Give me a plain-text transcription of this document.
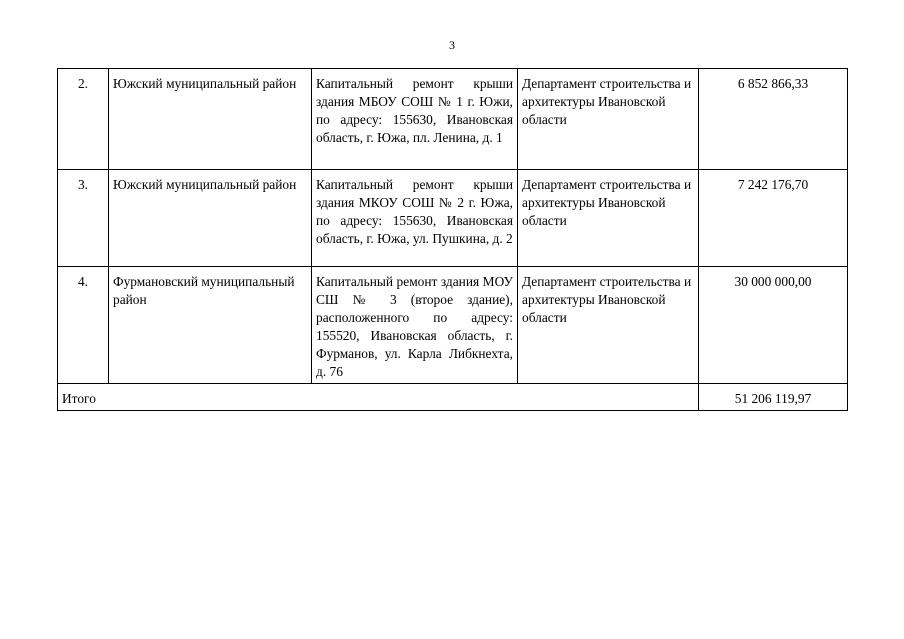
3
2.	Южский муниципальный район	Капитальный ремонт крыши здания МБОУ СОШ № 1 г. Южи, по адресу: 155630, Ивановская область, г. Южа, пл. Ленина, д. 1	Департамент строительства и архитектуры Ивановской области	6 852 866,33
3.	Южский муниципальный район	Капитальный ремонт крыши здания МКОУ СОШ № 2 г. Южа, по адресу: 155630, Ивановская область, г. Южа, ул. Пушкина, д. 2	Департамент строительства и архитектуры Ивановской области	7 242 176,70
4.	Фурмановский муниципальный район	Капитальный ремонт здания МОУ СШ № 3 (второе здание), расположенного по адресу: 155520, Ивановская область, г. Фурманов, ул. Карла Либкнехта, д. 76	Департамент строительства и архитектуры Ивановской области	30 000 000,00
Итого				51 206 119,97
